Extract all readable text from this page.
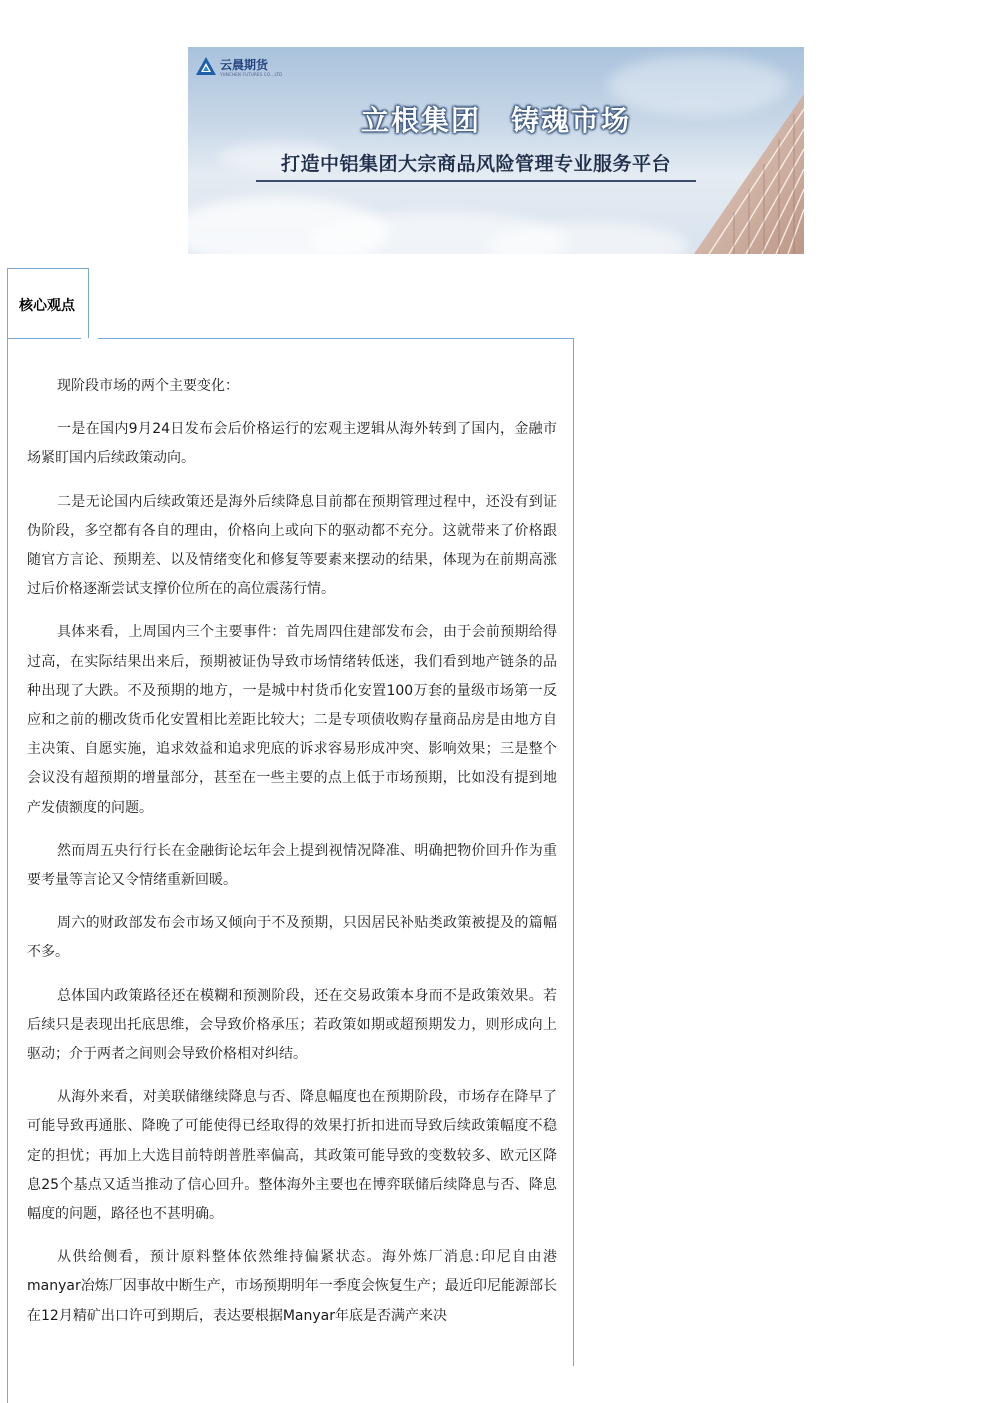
云晨期货
YUNCHEN FUTURES CO., LTD
立根集团 铸魂市场
打造中铝集团大宗商品风险管理专业服务平台
核心观点

现阶段市场的两个主要变化：

一是在国内9月24日发布会后价格运行的宏观主逻辑从海外转到了国内，金融市场紧盯国内后续政策动向。

二是无论国内后续政策还是海外后续降息目前都在预期管理过程中，还没有到证伪阶段，多空都有各自的理由，价格向上或向下的驱动都不充分。这就带来了价格跟随官方言论、预期差、以及情绪变化和修复等要素来摆动的结果，体现为在前期高涨过后价格逐渐尝试支撑价位所在的高位震荡行情。

具体来看，上周国内三个主要事件：首先周四住建部发布会，由于会前预期给得过高，在实际结果出来后，预期被证伪导致市场情绪转低迷，我们看到地产链条的品种出现了大跌。不及预期的地方，一是城中村货币化安置100万套的量级市场第一反应和之前的棚改货币化安置相比差距比较大；二是专项债收购存量商品房是由地方自主决策、自愿实施，追求效益和追求兜底的诉求容易形成冲突、影响效果；三是整个会议没有超预期的增量部分，甚至在一些主要的点上低于市场预期，比如没有提到地产发债额度的问题。

然而周五央行行长在金融街论坛年会上提到视情况降准、明确把物价回升作为重要考量等言论又令情绪重新回暖。

周六的财政部发布会市场又倾向于不及预期，只因居民补贴类政策被提及的篇幅不多。

总体国内政策路径还在模糊和预测阶段，还在交易政策本身而不是政策效果。若后续只是表现出托底思维，会导致价格承压；若政策如期或超预期发力，则形成向上驱动；介于两者之间则会导致价格相对纠结。

从海外来看，对美联储继续降息与否、降息幅度也在预期阶段，市场存在降早了可能导致再通胀、降晚了可能使得已经取得的效果打折扣进而导致后续政策幅度不稳定的担忧；再加上大选目前特朗普胜率偏高，其政策可能导致的变数较多、欧元区降息25个基点又适当推动了信心回升。整体海外主要也在博弈联储后续降息与否、降息幅度的问题，路径也不甚明确。

从供给侧看，预计原料整体依然维持偏紧状态。海外炼厂消息:印尼自由港manyar冶炼厂因事故中断生产，市场预期明年一季度会恢复生产；最近印尼能源部长在12月精矿出口许可到期后，表达要根据Manyar年底是否满产来决
